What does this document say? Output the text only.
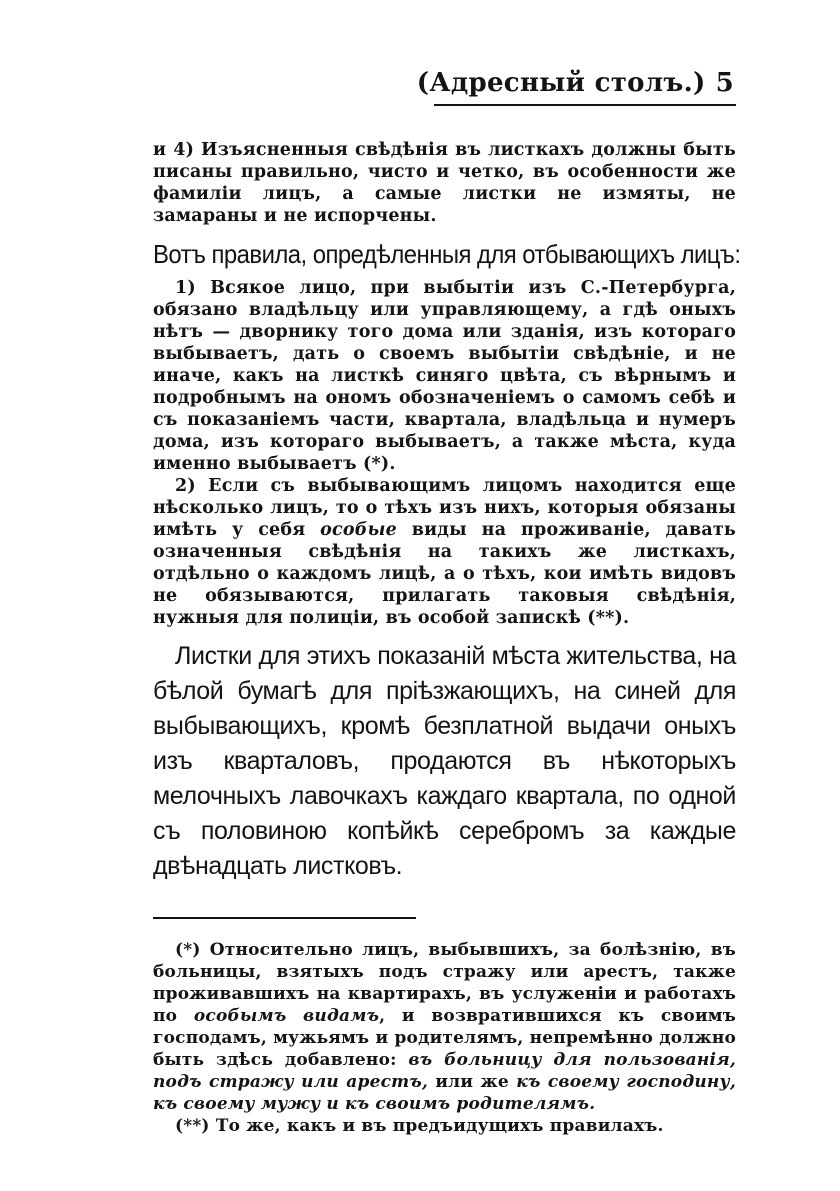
(Адресный столъ.) 5

и 4) Изъясненныя свѣдѣнія въ листкахъ должны быть писаны правильно, чисто и четко, въ особенности же фамиліи лицъ, а самые листки не измяты, не замараны и не испорчены.

Вотъ правила, опредѣленныя для отбывающихъ лицъ:

1) Всякое лицо, при выбытіи изъ С.-Петербурга, обязано владѣльцу или управляющему, а гдѣ оныхъ нѣтъ — дворнику того дома или зданія, изъ котораго выбываетъ, дать о своемъ выбытіи свѣдѣніе, и не иначе, какъ на листкѣ синяго цвѣта, съ вѣрнымъ и подробнымъ на ономъ обозначеніемъ о самомъ себѣ и съ показаніемъ части, квартала, владѣльца и нумеръ дома, изъ котораго выбываетъ, а также мѣста, куда именно выбываетъ (*).

2) Если съ выбывающимъ лицомъ находится еще нѣсколько лицъ, то о тѣхъ изъ нихъ, которыя обязаны имѣть у себя особые виды на проживаніе, давать означенныя свѣдѣнія на такихъ же листкахъ, отдѣльно о каждомъ лицѣ, а о тѣхъ, кои имѣть видовъ не обязываются, прилагать таковыя свѣдѣнія, нужныя для полиціи, въ особой запискѣ (**).

Листки для этихъ показаній мѣста жительства, на бѣлой бумагѣ для пріѣзжающихъ, на синей для выбывающихъ, кромѣ безплатной выдачи оныхъ изъ кварталовъ, продаются въ нѣкоторыхъ мелочныхъ лавочкахъ каждаго квартала, по одной съ половиною копѣйкѣ серебромъ за каждые двѣнадцать листковъ.

(*) Относительно лицъ, выбывшихъ, за болѣзнію, въ больницы, взятыхъ подъ стражу или арестъ, также проживавшихъ на квартирахъ, въ услуженіи и работахъ по особымъ видамъ, и возвратившихся къ своимъ господамъ, мужьямъ и родителямъ, непремѣнно должно быть здѣсь добавлено: въ больницу для пользованія, подъ стражу или арестъ, или же къ своему господину, къ своему мужу и къ своимъ родителямъ.

(**) То же, какъ и въ предъидущихъ правилахъ.
